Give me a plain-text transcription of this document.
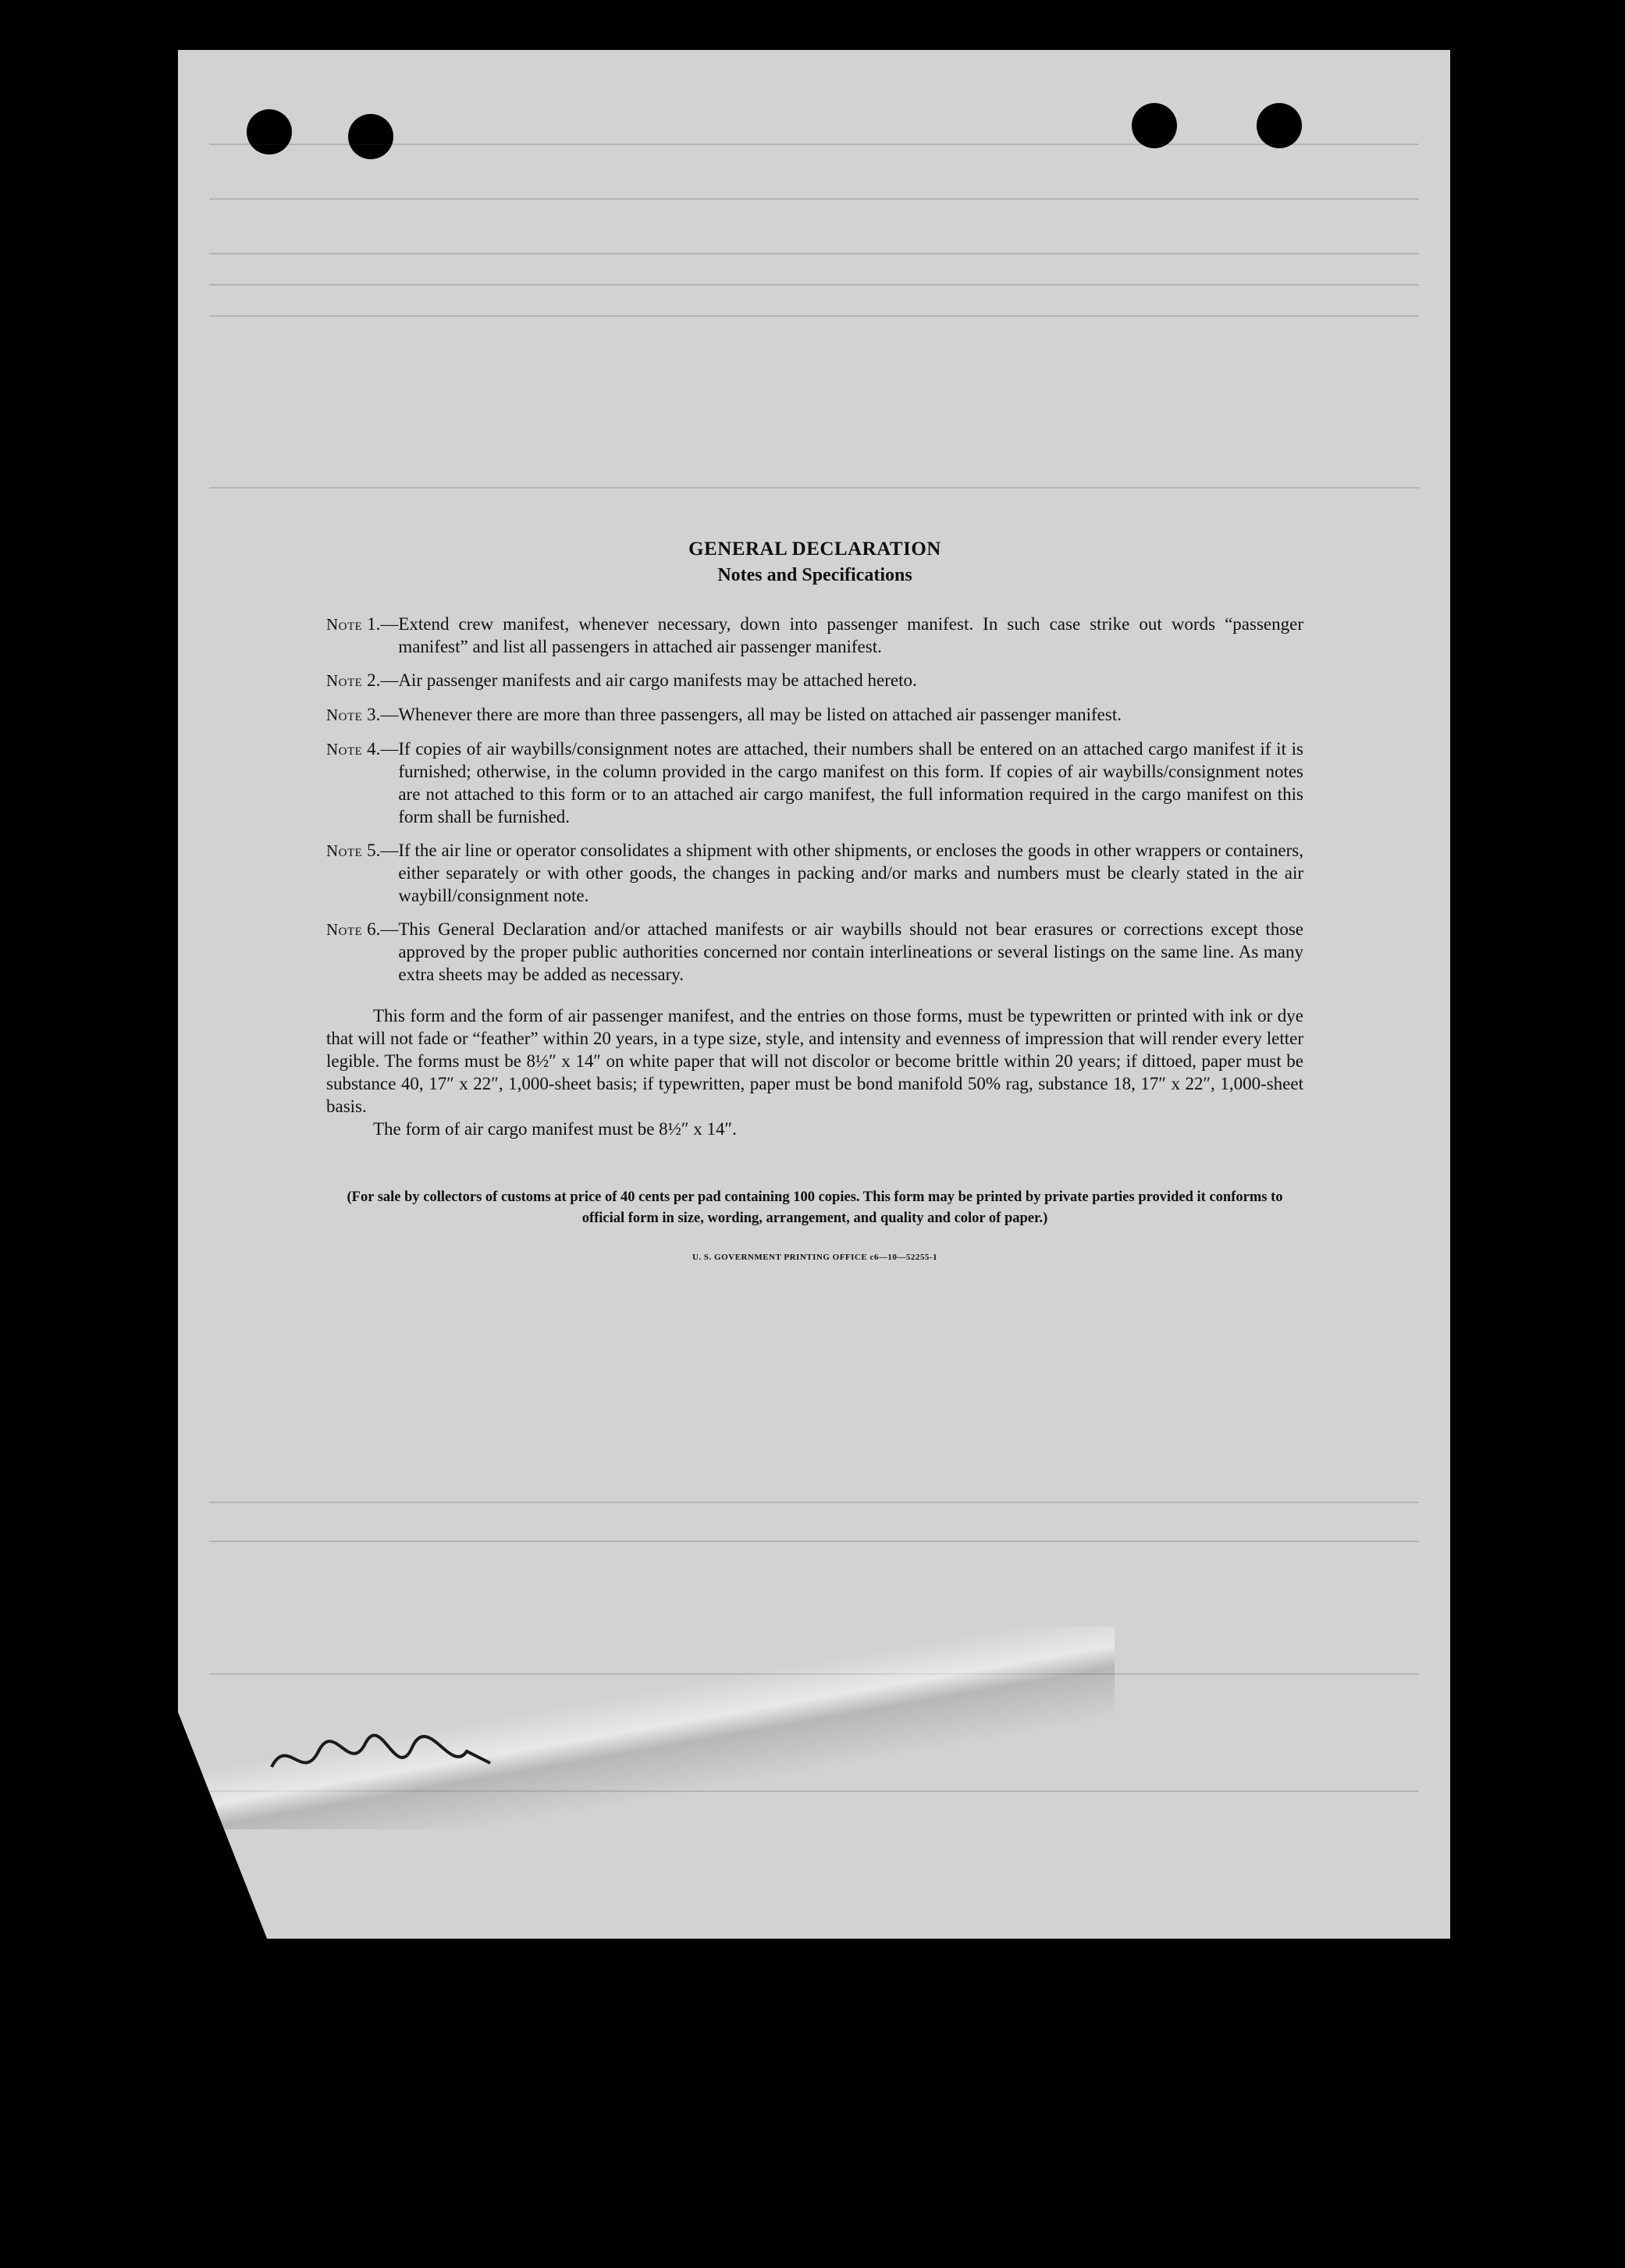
GENERAL DECLARATION
Notes and Specifications
Note 1.— Extend crew manifest, whenever necessary, down into passenger manifest. In such case strike out words “passenger manifest” and list all passengers in attached air passenger manifest.
Note 2.— Air passenger manifests and air cargo manifests may be attached hereto.
Note 3.— Whenever there are more than three passengers, all may be listed on attached air passenger manifest.
Note 4.— If copies of air waybills/consignment notes are attached, their numbers shall be entered on an attached cargo manifest if it is furnished; otherwise, in the column provided in the cargo manifest on this form. If copies of air waybills/consignment notes are not attached to this form or to an attached air cargo manifest, the full information required in the cargo manifest on this form shall be furnished.
Note 5.— If the air line or operator consolidates a shipment with other shipments, or encloses the goods in other wrappers or containers, either separately or with other goods, the changes in packing and/or marks and numbers must be clearly stated in the air waybill/consignment note.
Note 6.— This General Declaration and/or attached manifests or air waybills should not bear erasures or corrections except those approved by the proper public authorities concerned nor contain interlineations or several listings on the same line. As many extra sheets may be added as necessary.
This form and the form of air passenger manifest, and the entries on those forms, must be typewritten or printed with ink or dye that will not fade or “feather” within 20 years, in a type size, style, and intensity and evenness of impression that will render every letter legible. The forms must be 8½″ x 14″ on white paper that will not discolor or become brittle within 20 years; if dittoed, paper must be substance 40, 17″ x 22″, 1,000-sheet basis; if typewritten, paper must be bond manifold 50% rag, substance 18, 17″ x 22″, 1,000-sheet basis.
The form of air cargo manifest must be 8½″ x 14″.
(For sale by collectors of customs at price of 40 cents per pad containing 100 copies. This form may be printed by private parties provided it conforms to official form in size, wording, arrangement, and quality and color of paper.)
U. S. GOVERNMENT PRINTING OFFICE c6—10—52255-1
